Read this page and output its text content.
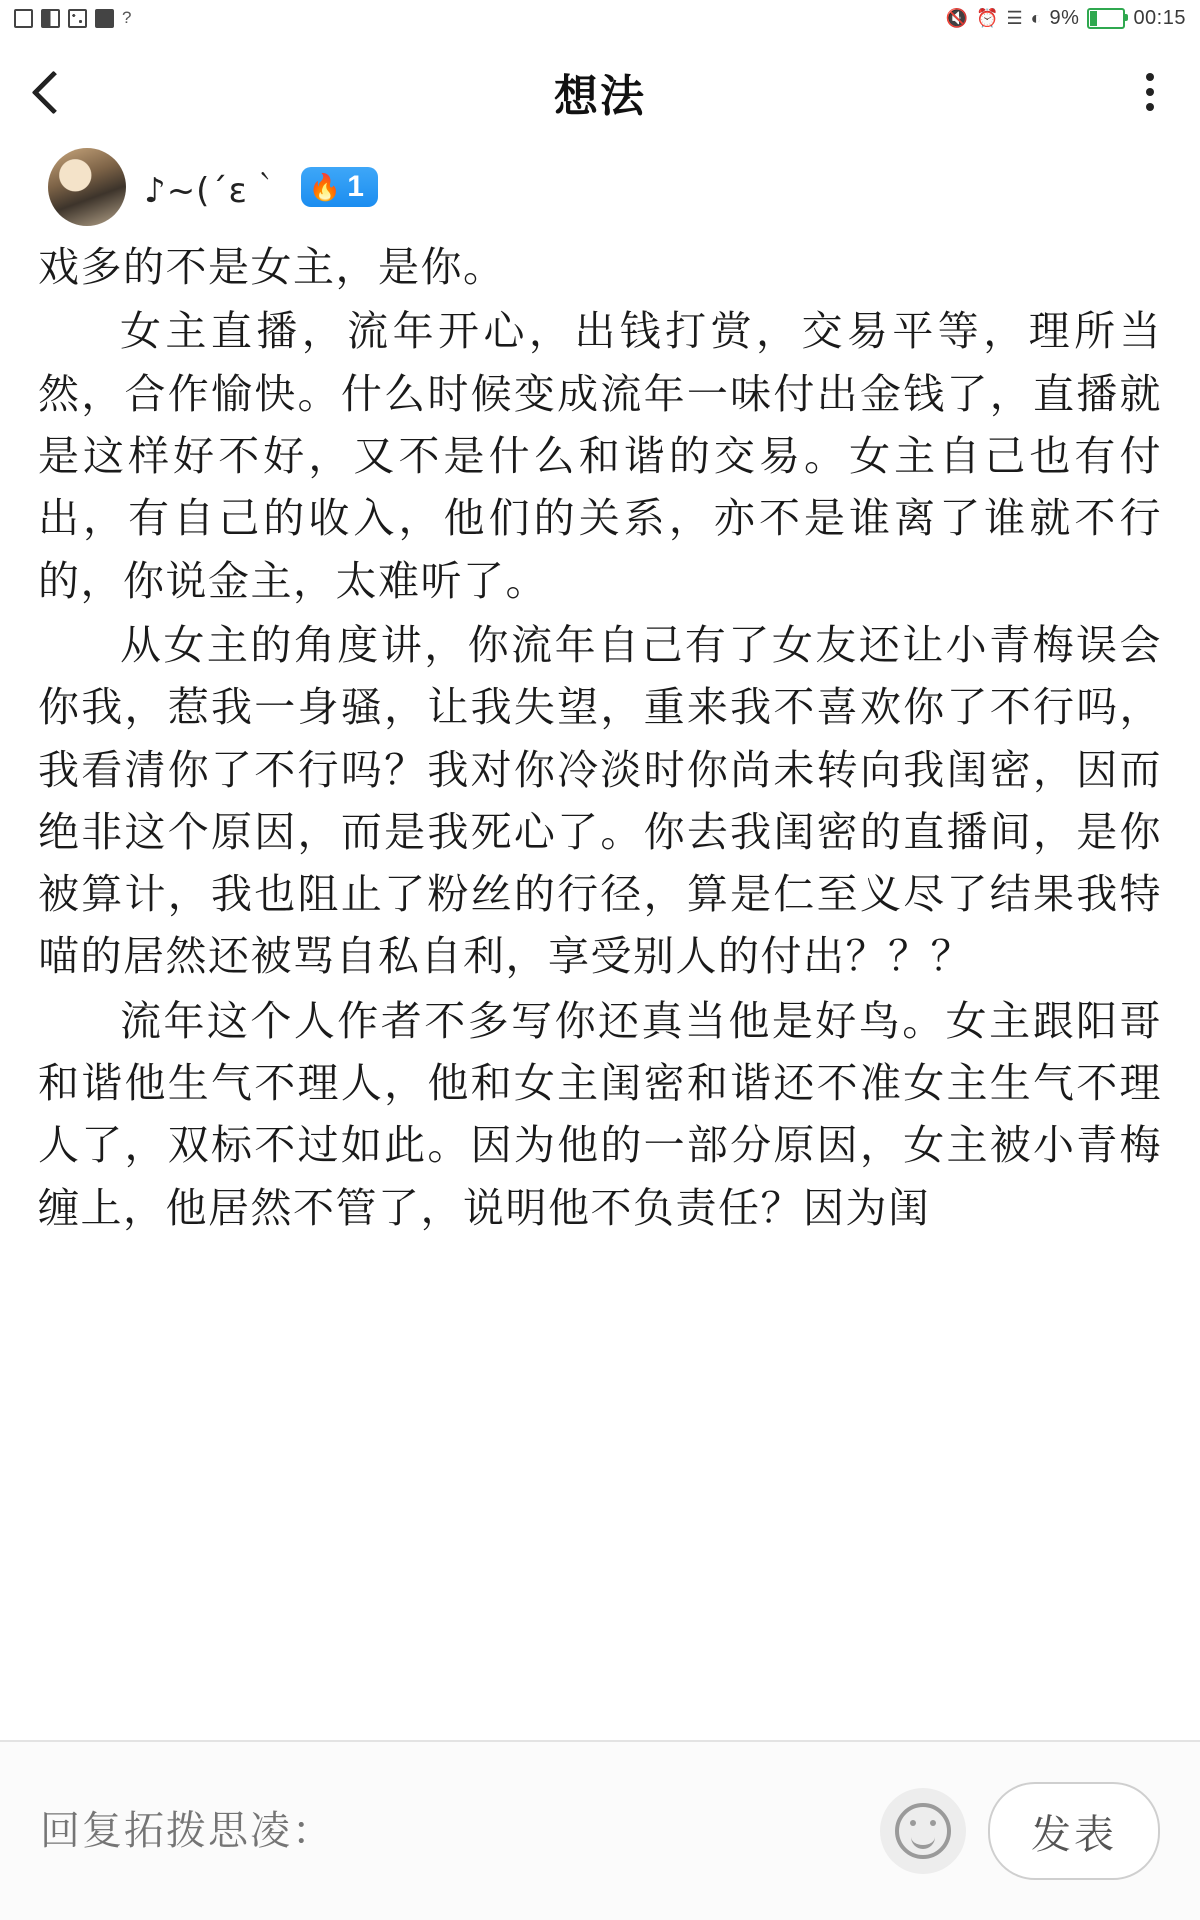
?	🔇 ⏰ ☰ ◐ 9%	00:15
想法
♪~(´ε｀ 🔥 1

戏多的不是女主，是你。

女主直播，流年开心，出钱打赏，交易平等，理所当然，合作愉快。什么时候变成流年一味付出金钱了，直播就是这样好不好，又不是什么和谐的交易。女主自己也有付出，有自己的收入，他们的关系，亦不是谁离了谁就不行的，你说金主，太难听了。

从女主的角度讲，你流年自己有了女友还让小青梅误会你我，惹我一身骚，让我失望，重来我不喜欢你了不行吗，我看清你了不行吗？我对你冷淡时你尚未转向我闺密，因而绝非这个原因，而是我死心了。你去我闺密的直播间，是你被算计，我也阻止了粉丝的行径，算是仁至义尽了结果我特喵的居然还被骂自私自利，享受别人的付出？？？

流年这个人作者不多写你还真当他是好鸟。女主跟阳哥和谐他生气不理人，他和女主闺密和谐还不准女主生气不理人了，双标不过如此。因为他的一部分原因，女主被小青梅缠上，他居然不管了，说明他不负责任？因为闺

回复拓拨思凌：
发表
